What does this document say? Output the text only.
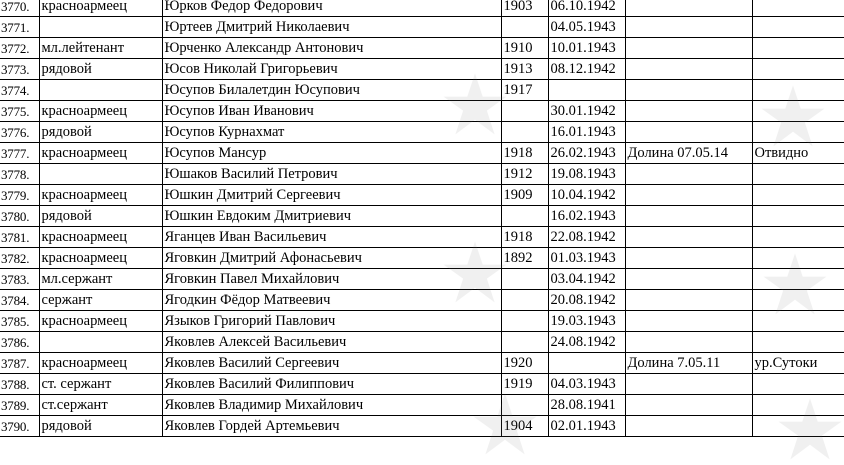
3770.	красноармеец	Юрков Федор Федорович	1903	06.10.1942		
3771.		Юртеев Дмитрий Николаевич		04.05.1943		
3772.	мл.лейтенант	Юрченко Александр Антонович	1910	10.01.1943		
3773.	рядовой	Юсов Николай Григорьевич	1913	08.12.1942		
3774.		Юсупов Билалетдин Юсупович	1917			
3775.	красноармеец	Юсупов Иван Иванович		30.01.1942		
3776.	рядовой	Юсупов Курнахмат		16.01.1943		
3777.	красноармеец	Юсупов Мансур	1918	26.02.1943	Долина 07.05.14	Отвидно
3778.		Юшаков Василий Петрович	1912	19.08.1943		
3779.	красноармеец	Юшкин Дмитрий Сергеевич	1909	10.04.1942		
3780.	рядовой	Юшкин Евдоким Дмитриевич		16.02.1943		
3781.	красноармеец	Яганцев Иван Васильевич	1918	22.08.1942		
3782.	красноармеец	Яговкин Дмитрий Афонасьевич	1892	01.03.1943		
3783.	мл.сержант	Яговкин Павел Михайлович		03.04.1942		
3784.	сержант	Ягодкин Фёдор Матвеевич		20.08.1942		
3785.	красноармеец	Языков Григорий Павлович		19.03.1943		
3786.		Яковлев Алексей Васильевич		24.08.1942		
3787.	красноармеец	Яковлев Василий Сергеевич	1920		Долина 7.05.11	ур.Сутоки
3788.	ст. сержант	Яковлев Василий Филиппович	1919	04.03.1943		
3789.	ст.сержант	Яковлев Владимир Михайлович		28.08.1941		
3790.	рядовой	Яковлев Гордей Артемьевич	1904	02.01.1943		
